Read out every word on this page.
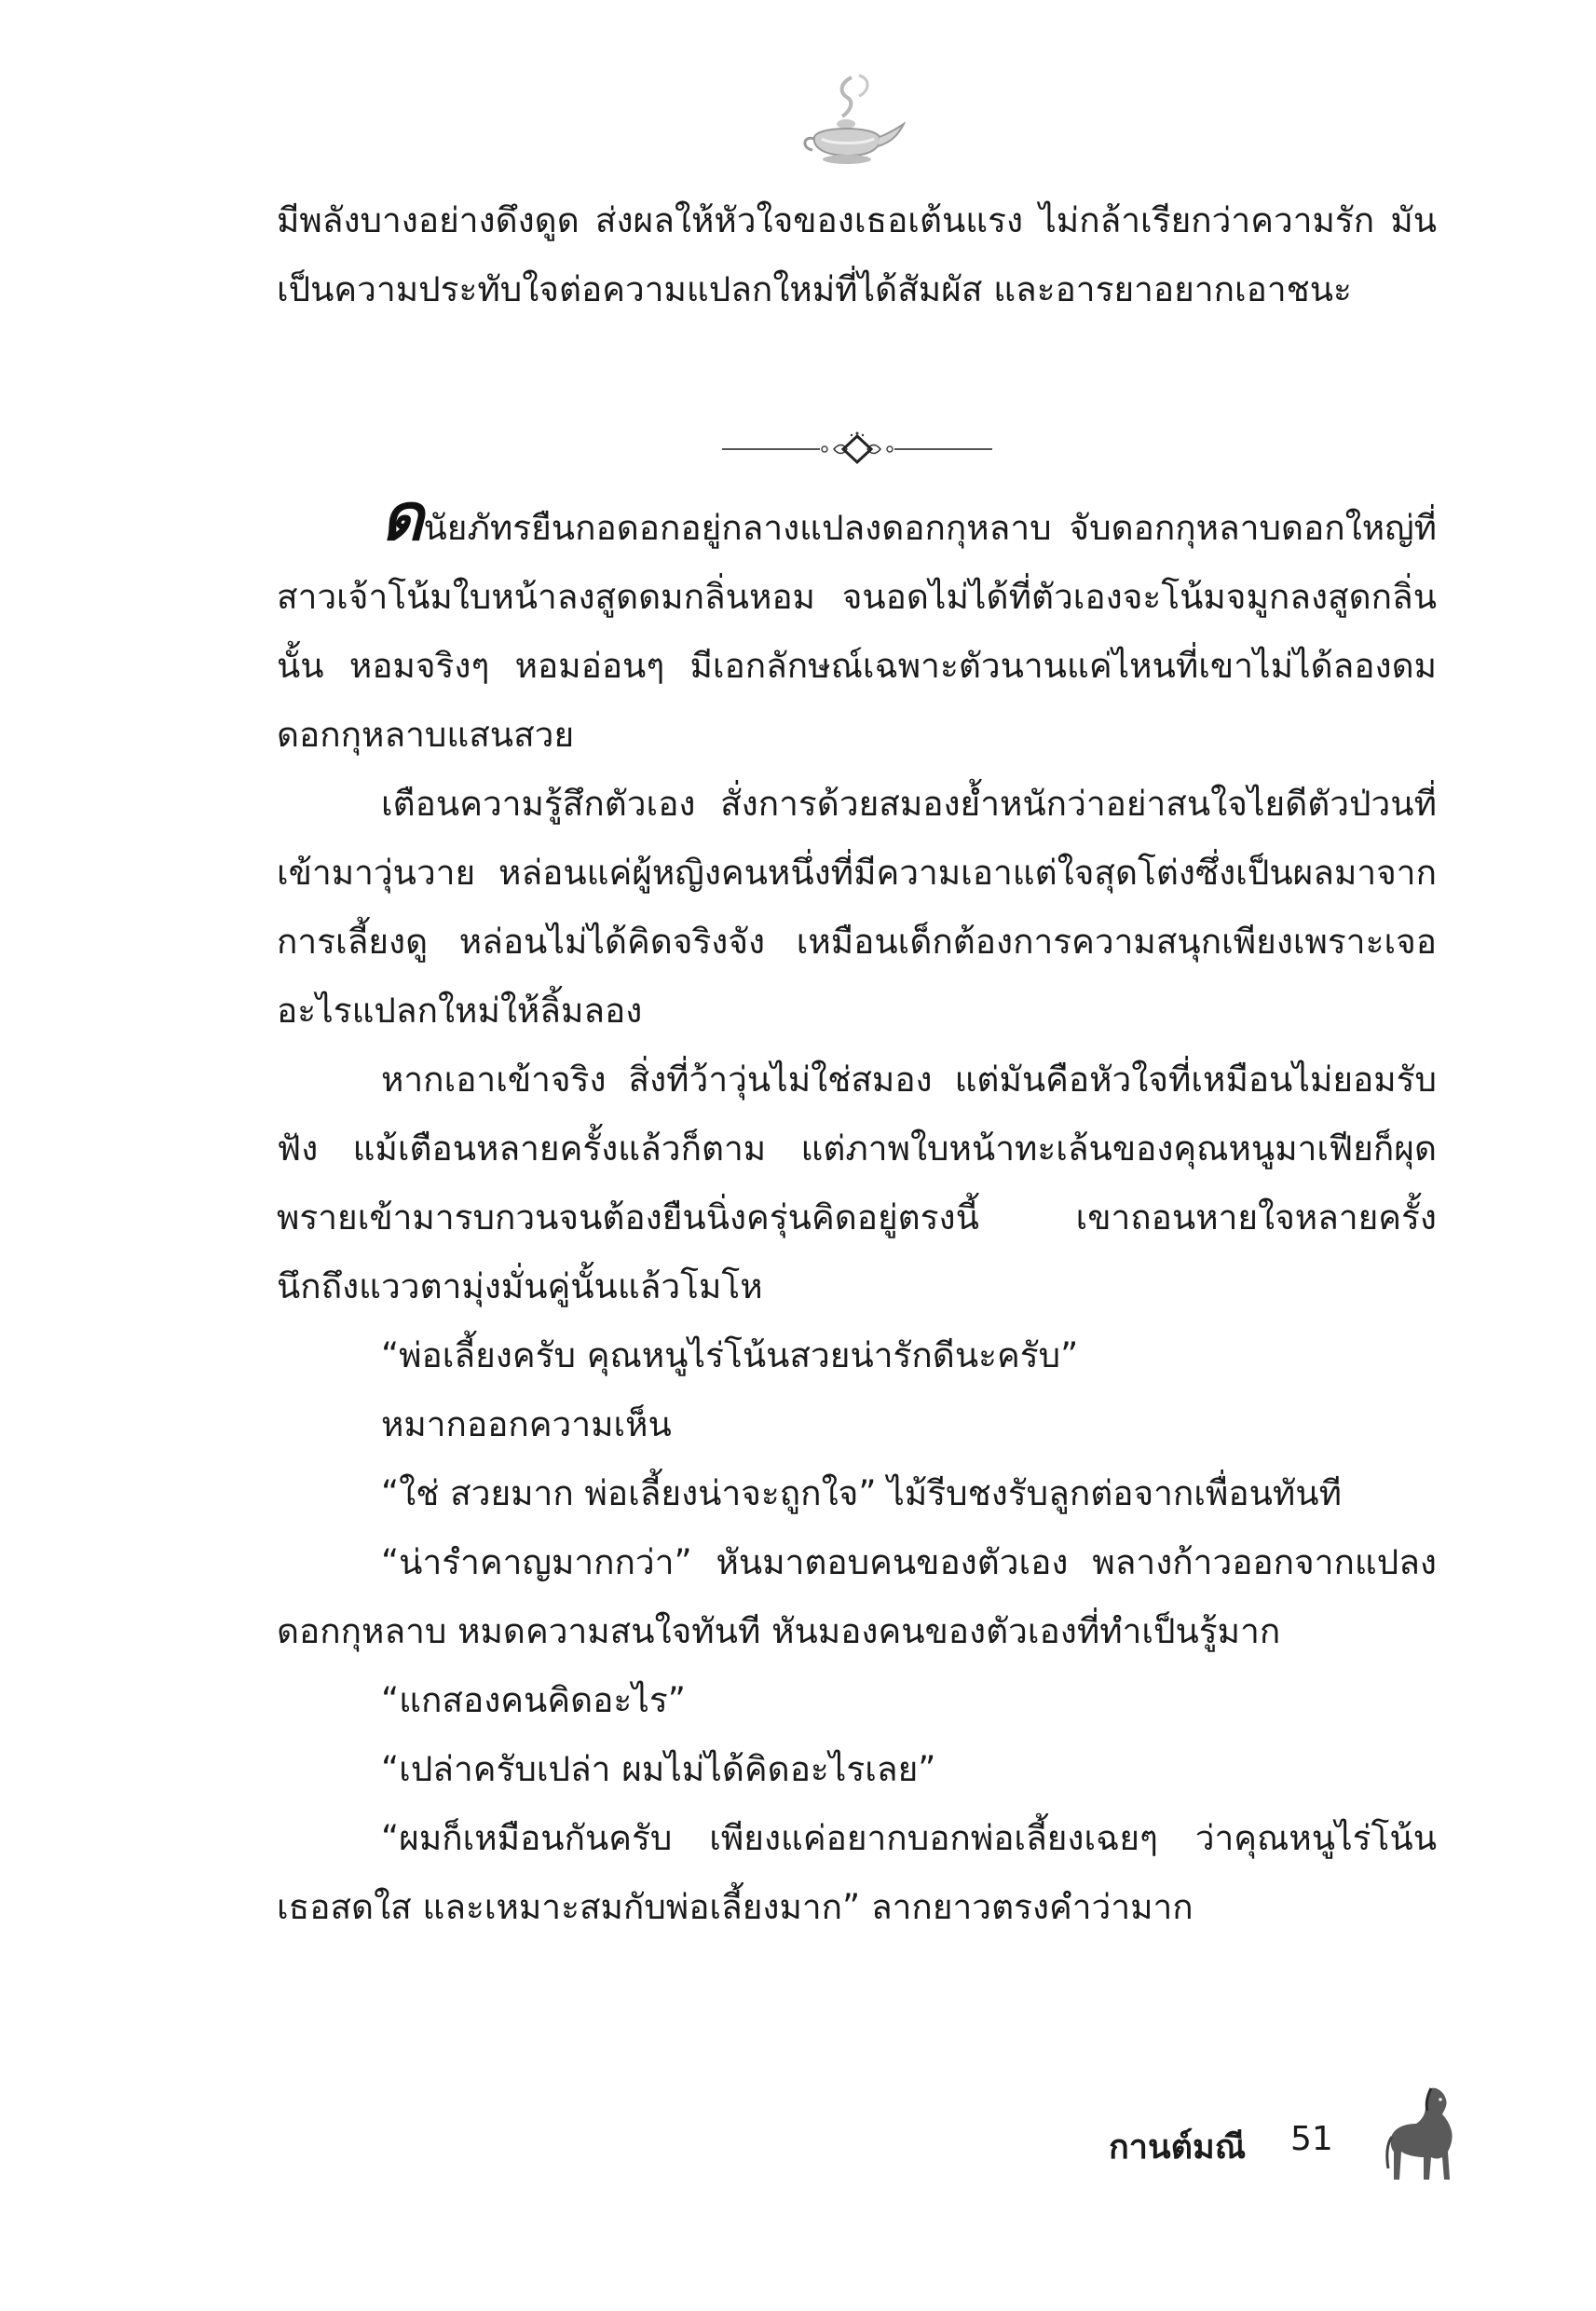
มีพลังบางอย่างดึงดูด ส่งผลให้หัวใจของเธอเต้นแรง ไม่กล้าเรียกว่าความรัก มันเป็นความประทับใจต่อความแปลกใหม่ที่ได้สัมผัส และอารยาอยากเอาชนะ

ดนัยภัทรยืนกอดอกอยู่กลางแปลงดอกกุหลาบ จับดอกกุหลาบดอกใหญ่ที่สาวเจ้าโน้มใบหน้าลงสูดดมกลิ่นหอม จนอดไม่ได้ที่ตัวเองจะโน้มจมูกลงสูดกลิ่นนั้น หอมจริงๆ หอมอ่อนๆ มีเอกลักษณ์เฉพาะตัวนานแค่ไหนที่เขาไม่ได้ลองดมดอกกุหลาบแสนสวย

เตือนความรู้สึกตัวเอง สั่งการด้วยสมองย้ำหนักว่าอย่าสนใจไยดีตัวป่วนที่เข้ามาวุ่นวาย หล่อนแค่ผู้หญิงคนหนึ่งที่มีความเอาแต่ใจสุดโต่งซึ่งเป็นผลมาจากการเลี้ยงดู หล่อนไม่ได้คิดจริงจัง เหมือนเด็กต้องการความสนุกเพียงเพราะเจออะไรแปลกใหม่ให้ลิ้มลอง

หากเอาเข้าจริง สิ่งที่ว้าวุ่นไม่ใช่สมอง แต่มันคือหัวใจที่เหมือนไม่ยอมรับฟัง แม้เตือนหลายครั้งแล้วก็ตาม แต่ภาพใบหน้าทะเล้นของคุณหนูมาเฟียก็ผุดพรายเข้ามารบกวนจนต้องยืนนิ่งครุ่นคิดอยู่ตรงนี้ เขาถอนหายใจหลายครั้ง นึกถึงแววตามุ่งมั่นคู่นั้นแล้วโมโห

“พ่อเลี้ยงครับ คุณหนูไร่โน้นสวยน่ารักดีนะครับ”

หมากออกความเห็น

“ใช่ สวยมาก พ่อเลี้ยงน่าจะถูกใจ” ไม้รีบชงรับลูกต่อจากเพื่อนทันที

“น่ารำคาญมากกว่า” หันมาตอบคนของตัวเอง พลางก้าวออกจากแปลงดอกกุหลาบ หมดความสนใจทันที หันมองคนของตัวเองที่ทำเป็นรู้มาก

“แกสองคนคิดอะไร”

“เปล่าครับเปล่า ผมไม่ได้คิดอะไรเลย”

“ผมก็เหมือนกันครับ เพียงแค่อยากบอกพ่อเลี้ยงเฉยๆ ว่าคุณหนูไร่โน้นเธอสดใส และเหมาะสมกับพ่อเลี้ยงมาก” ลากยาวตรงคำว่ามาก

กานต์มณี 51
